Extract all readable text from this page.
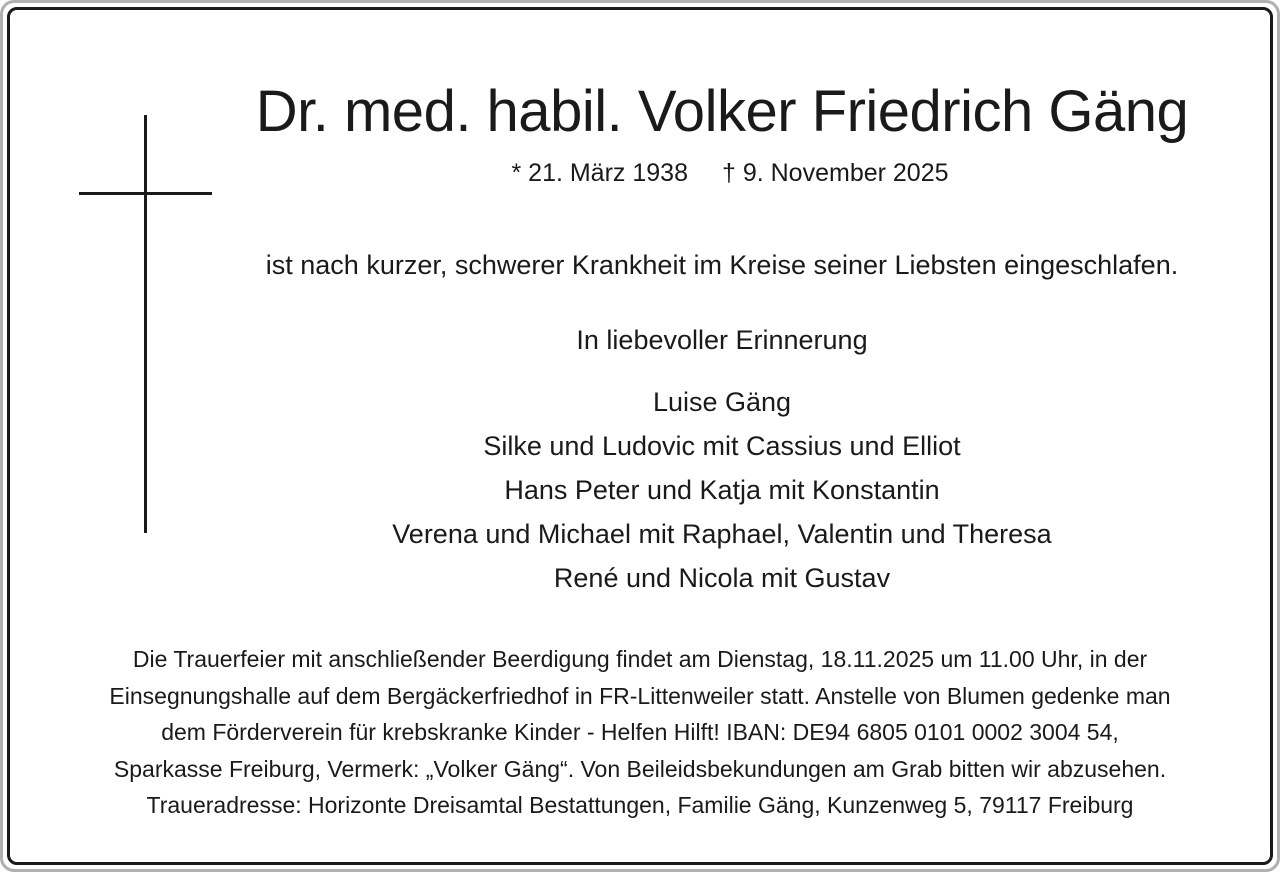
Dr. med. habil. Volker Friedrich Gäng
* 21. März 1938 † 9. November 2025
ist nach kurzer, schwerer Krankheit im Kreise seiner Liebsten eingeschlafen.
In liebevoller Erinnerung
Luise Gäng
Silke und Ludovic mit Cassius und Elliot
Hans Peter und Katja mit Konstantin
Verena und Michael mit Raphael, Valentin und Theresa
René und Nicola mit Gustav
Die Trauerfeier mit anschließender Beerdigung findet am Dienstag, 18.11.2025 um 11.00 Uhr, in der
Einsegnungshalle auf dem Bergäckerfriedhof in FR-Littenweiler statt. Anstelle von Blumen gedenke man
dem Förderverein für krebskranke Kinder - Helfen Hilft! IBAN: DE94 6805 0101 0002 3004 54,
Sparkasse Freiburg, Vermerk: „Volker Gäng“. Von Beileidsbekundungen am Grab bitten wir abzusehen.
Traueradresse: Horizonte Dreisamtal Bestattungen, Familie Gäng, Kunzenweg 5, 79117 Freiburg
